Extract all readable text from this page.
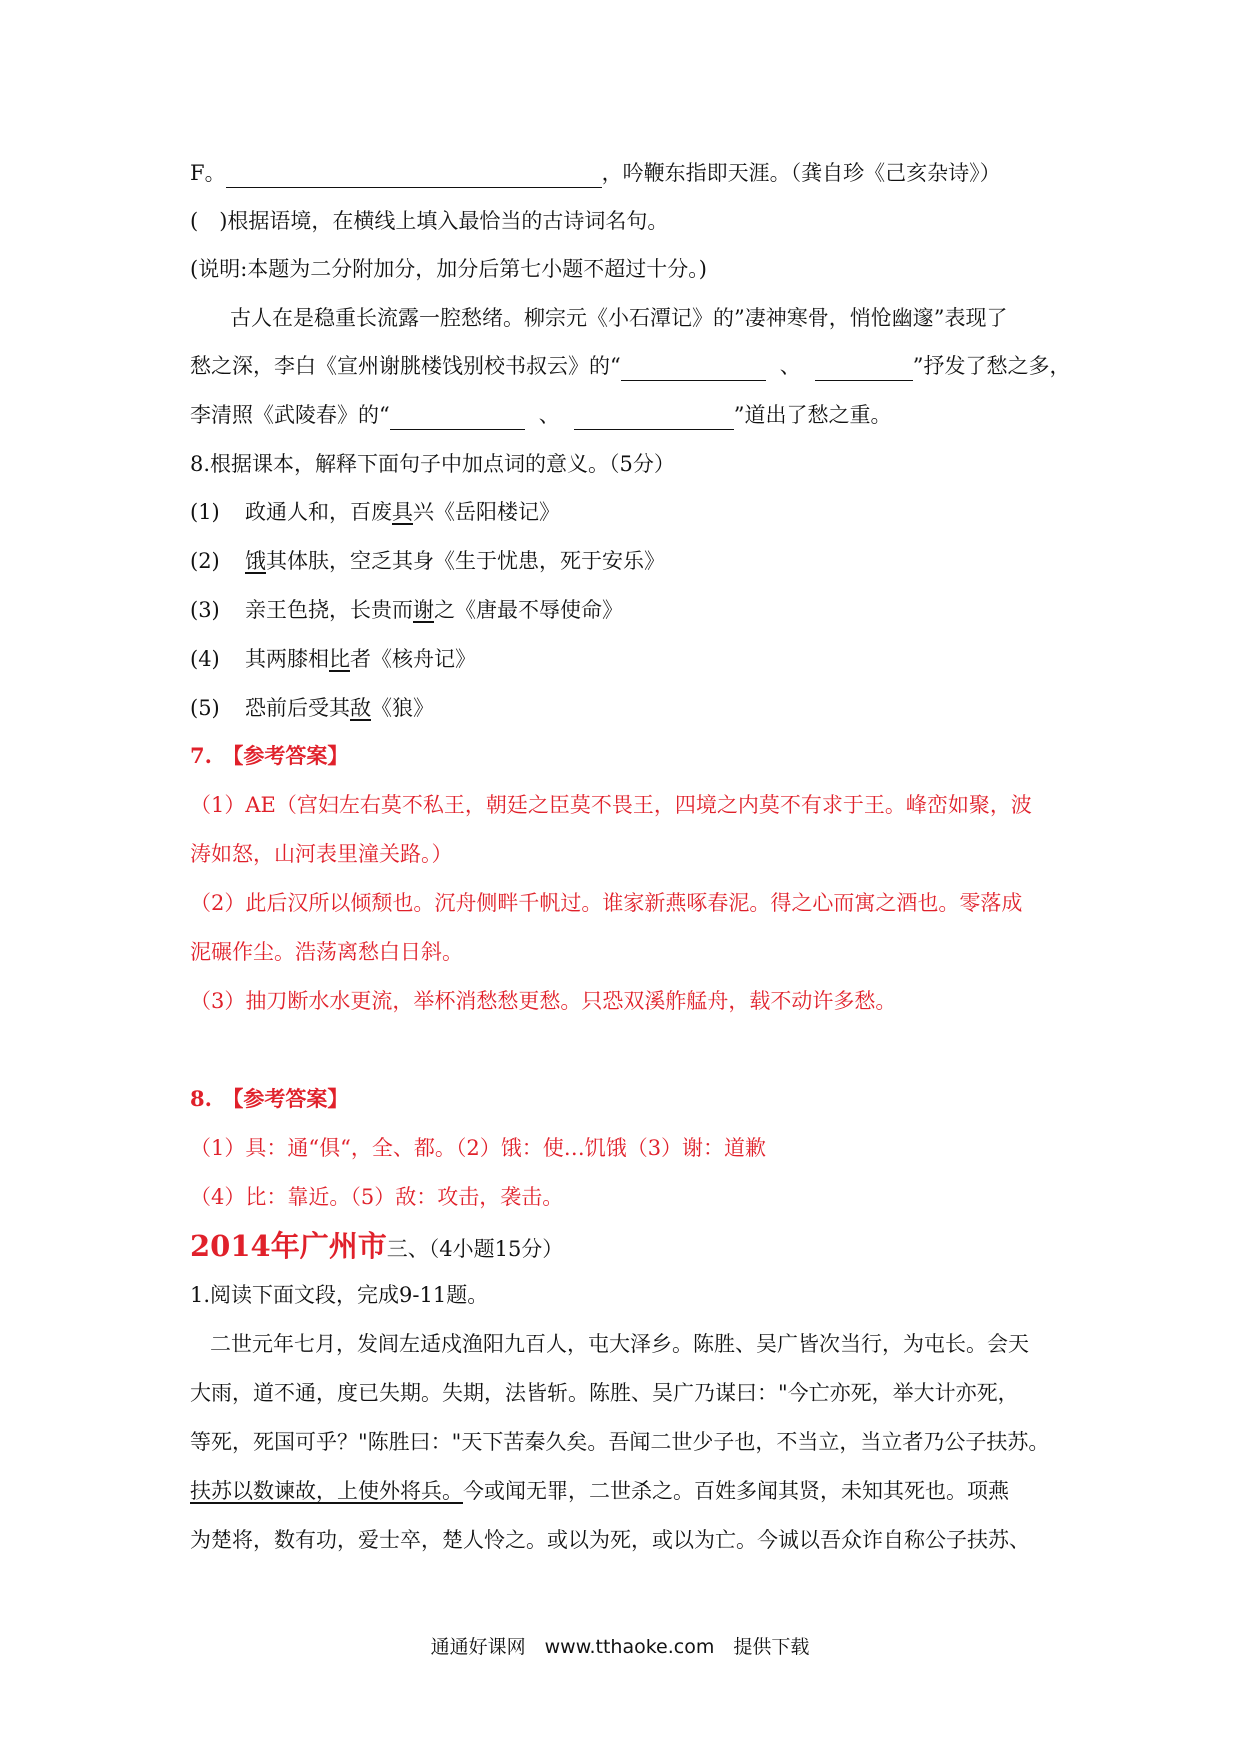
F。	，吟鞭东指即天涯。（龚自珍《己亥杂诗》）
(　)根据语境，在横线上填入最恰当的古诗词名句。
(说明:本题为二分附加分，加分后第七小题不超过十分。)
古人在是稳重长流露一腔愁绪。柳宗元《小石潭记》的”凄神寒骨，悄怆幽邃”表现了
愁之深，李白《宣州谢朓楼饯别校书叔云》的“	、	”抒发了愁之多，
李清照《武陵春》的“	、	”道出了愁之重。
8.根据课本，解释下面句子中加点词的意义。（5分）
(1) 政通人和，百废具兴《岳阳楼记》
(2) 饿其体肤，空乏其身《生于忧患，死于安乐》
(3) 亲王色挠，长贵而谢之《唐最不辱使命》
(4) 其两膝相比者《核舟记》
(5) 恐前后受其敌《狼》
7.　【参考答案】
（1）AE（宫妇左右莫不私王，朝廷之臣莫不畏王，四境之内莫不有求于王。峰峦如聚，波
涛如怒，山河表里潼关路。）
（2）此后汉所以倾颓也。沉舟侧畔千帆过。谁家新燕啄春泥。得之心而寓之酒也。零落成
泥碾作尘。浩荡离愁白日斜。
（3）抽刀断水水更流，举杯消愁愁更愁。只恐双溪舴艋舟，载不动许多愁。
8.　【参考答案】
（1）具：通“俱“，全、都。（2）饿：使…饥饿（3）谢：道歉
（4）比：靠近。（5）敌：攻击，袭击。
2014年广州市三、（4小题15分）
1.阅读下面文段，完成9-11题。
二世元年七月，发闾左适戍渔阳九百人，屯大泽乡。陈胜、吴广皆次当行，为屯长。会天
大雨，道不通，度已失期。失期，法皆斩。陈胜、吴广乃谋曰："今亡亦死，举大计亦死，
等死，死国可乎？"陈胜曰："天下苦秦久矣。吾闻二世少子也，不当立，当立者乃公子扶苏。
扶苏以数谏故，上使外将兵。今或闻无罪，二世杀之。百姓多闻其贤，未知其死也。项燕
为楚将，数有功，爱士卒，楚人怜之。或以为死，或以为亡。今诚以吾众诈自称公子扶苏、
通通好课网　www.tthaoke.com　提供下载
